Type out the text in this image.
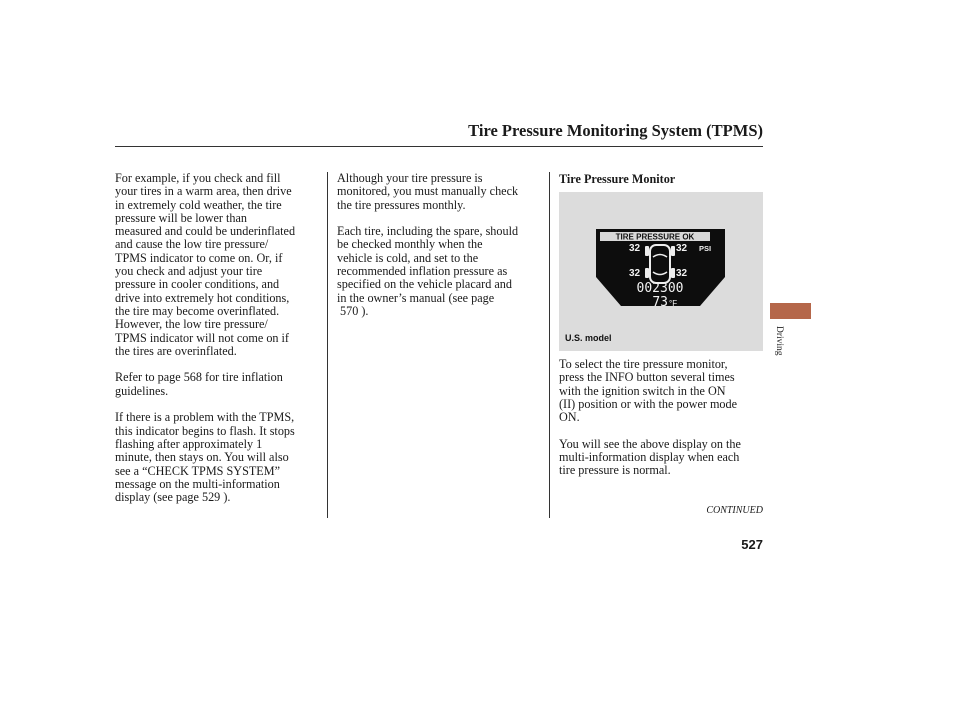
Tire Pressure Monitoring System (TPMS)

For example, if you check and fill
your tires in a warm area, then drive
in extremely cold weather, the tire
pressure will be lower than
measured and could be underinflated
and cause the low tire pressure/
TPMS indicator to come on. Or, if
you check and adjust your tire
pressure in cooler conditions, and
drive into extremely hot conditions,
the tire may become overinflated.
However, the low tire pressure/
TPMS indicator will not come on if
the tires are overinflated.

Refer to page 568 for tire inflation
guidelines.

If there is a problem with the TPMS,
this indicator begins to flash. It stops
flashing after approximately 1
minute, then stays on. You will also
see a “CHECK TPMS SYSTEM”
message on the multi-information
display (see page 529 ).

Although your tire pressure is
monitored, you must manually check
the tire pressures monthly.

Each tire, including the spare, should
be checked monthly when the
vehicle is cold, and set to the
recommended inflation pressure as
specified on the vehicle placard and
in the owner’s manual (see page
570 ).

Tire Pressure Monitor
TIRE PRESSURE OK
32	32 PSI
32	32
002300
73 °F
U.S. model

To select the tire pressure monitor,
press the INFO button several times
with the ignition switch in the ON
(II) position or with the power mode
ON.

You will see the above display on the
multi-information display when each
tire pressure is normal.

CONTINUED
527
Driving
